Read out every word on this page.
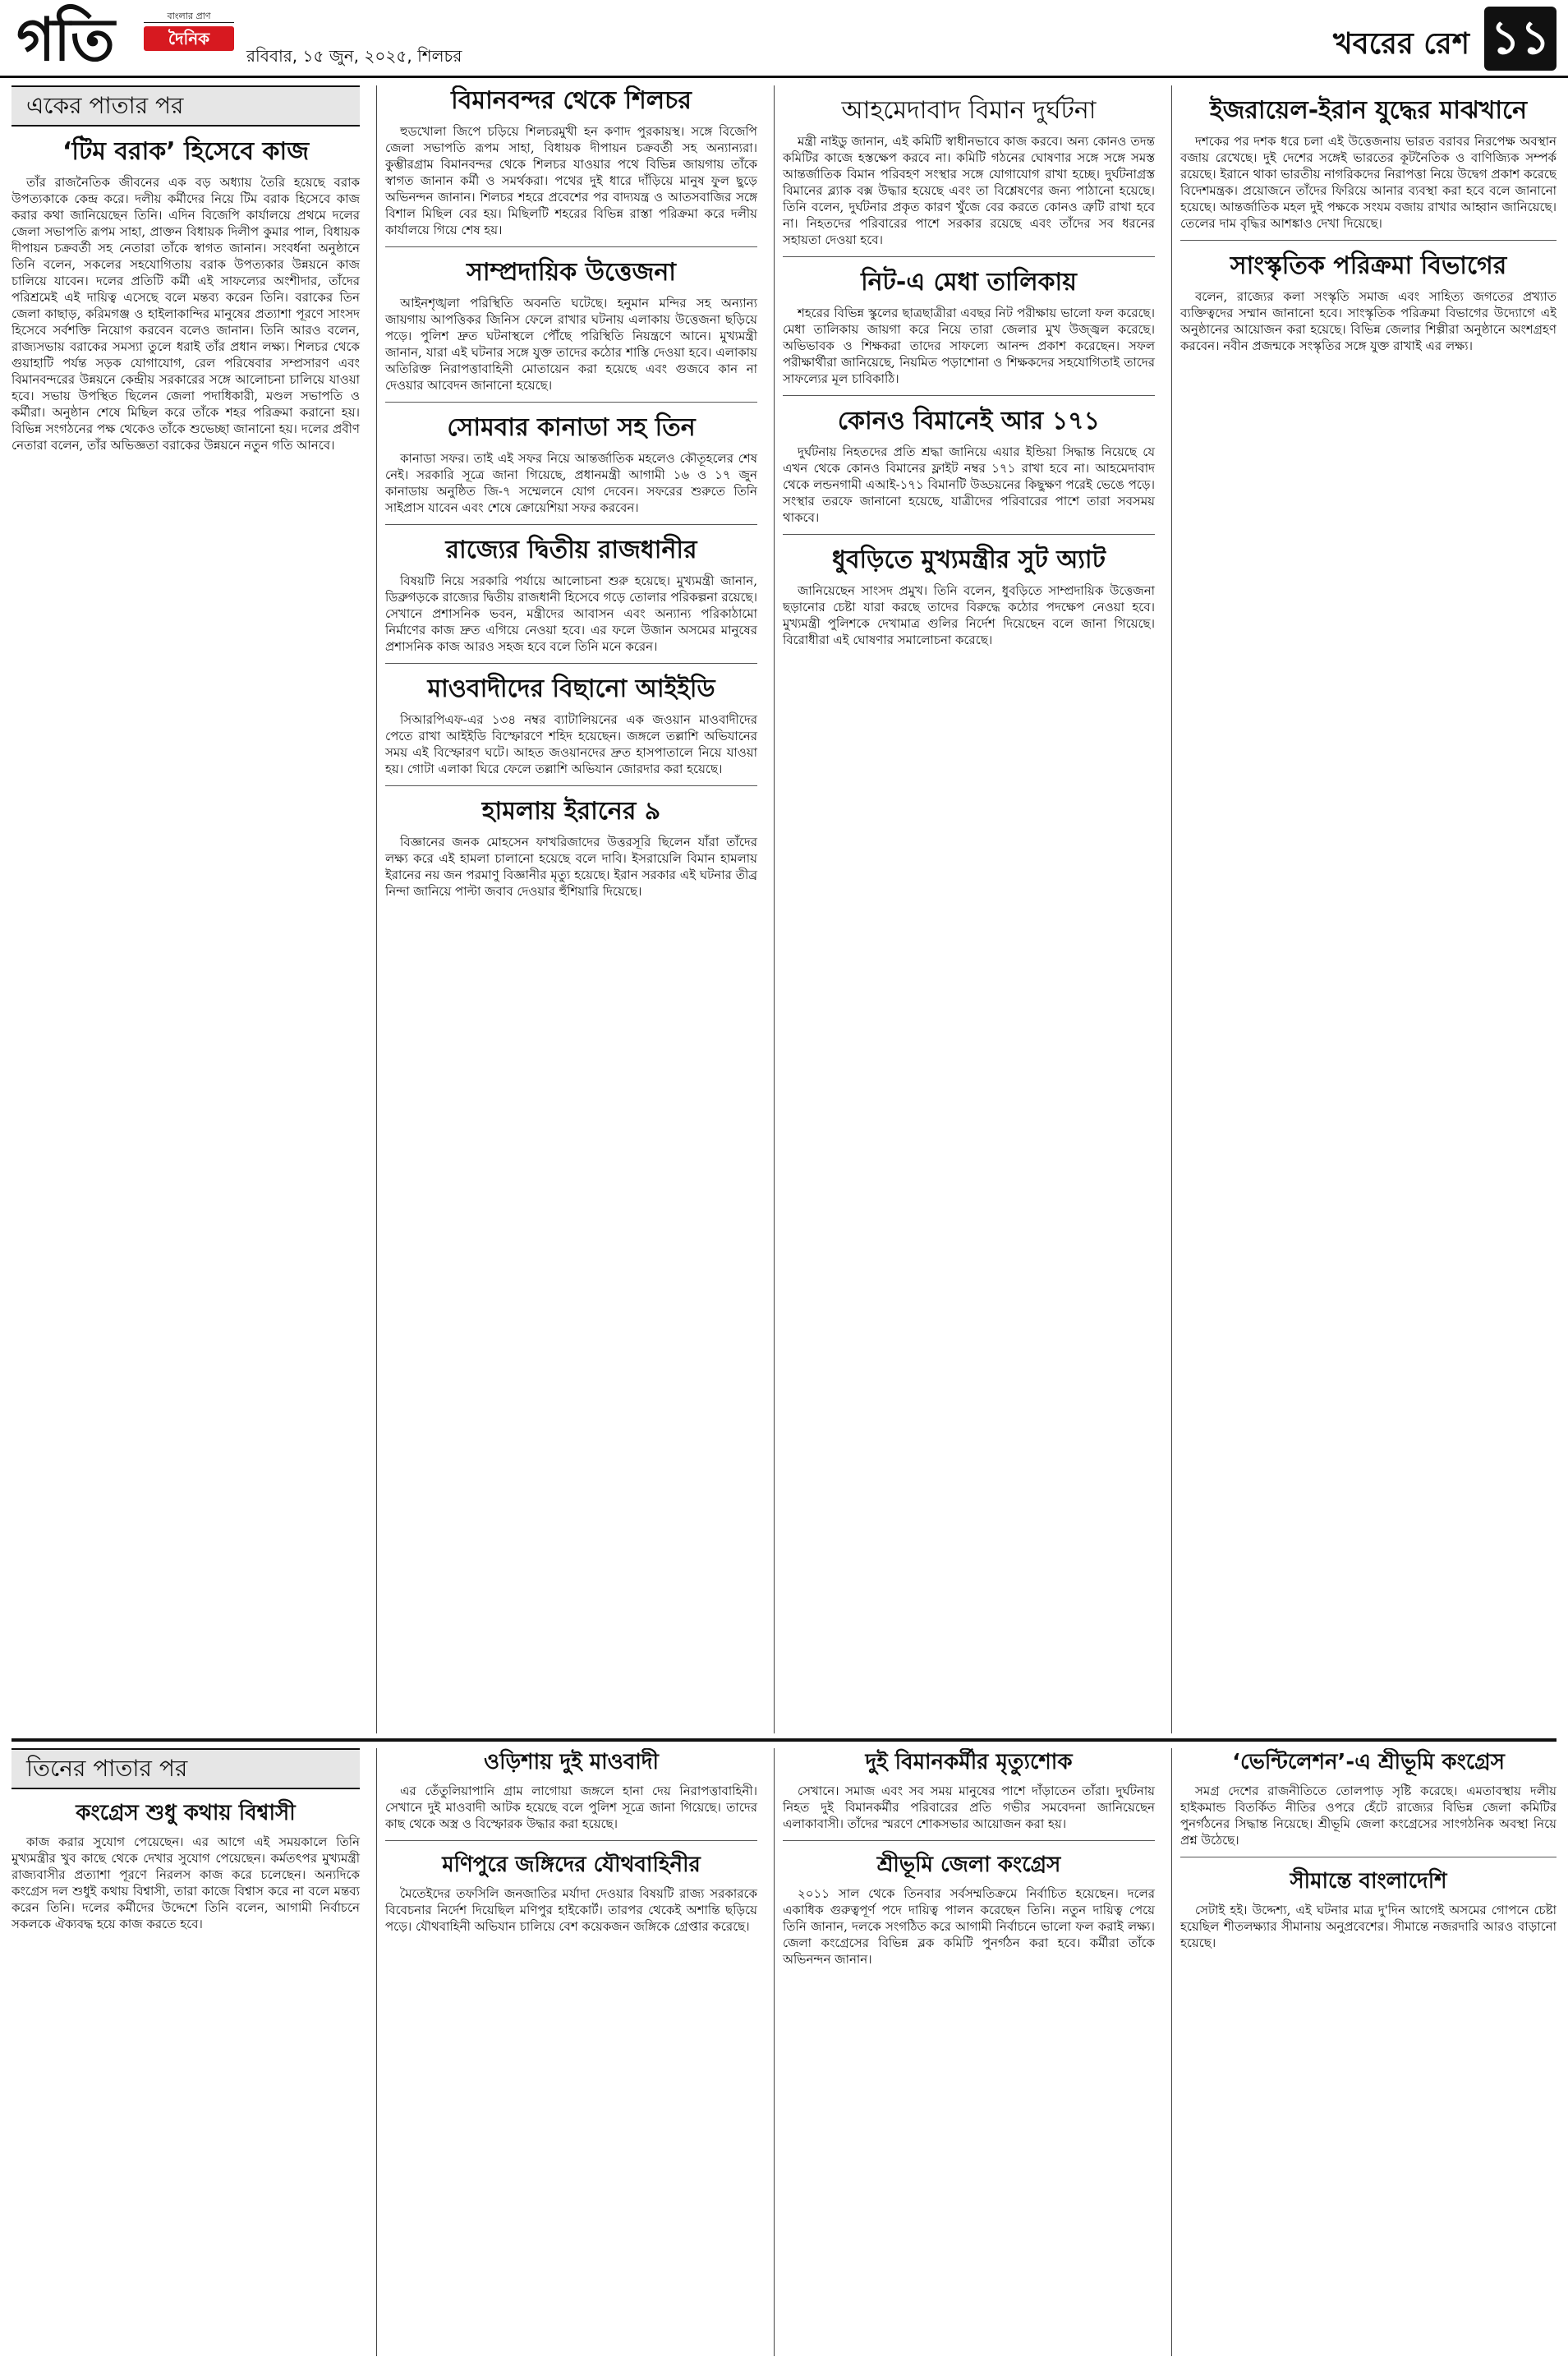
গতি	বাংলার প্রাণ
দৈনিক
রবিবার, ১৫ জুন, ২০২৫, শিলচর	খবরের রেশ ১১
একের পাতার পর
‘টিম বরাক’ হিসেবে কাজ
তাঁর রাজনৈতিক জীবনের এক বড় অধ্যায় তৈরি হয়েছে বরাক উপত্যকাকে কেন্দ্র করে। দলীয় কর্মীদের নিয়ে টিম বরাক হিসেবে কাজ করার কথা জানিয়েছেন তিনি। এদিন বিজেপি কার্যালয়ে প্রথমে দলের জেলা সভাপতি রূপম সাহা, প্রাক্তন বিধায়ক দিলীপ কুমার পাল, বিধায়ক দীপায়ন চক্রবর্তী সহ নেতারা তাঁকে স্বাগত জানান। সংবর্ধনা অনুষ্ঠানে তিনি বলেন, সকলের সহযোগিতায় বরাক উপত্যকার উন্নয়নে কাজ চালিয়ে যাবেন। দলের প্রতিটি কর্মী এই সাফল্যের অংশীদার, তাঁদের পরিশ্রমেই এই দায়িত্ব এসেছে বলে মন্তব্য করেন তিনি। বরাকের তিন জেলা কাছাড়, করিমগঞ্জ ও হাইলাকান্দির মানুষের প্রত্যাশা পূরণে সাংসদ হিসেবে সর্বশক্তি নিয়োগ করবেন বলেও জানান। তিনি আরও বলেন, রাজ্যসভায় বরাকের সমস্যা তুলে ধরাই তাঁর প্রধান লক্ষ্য। শিলচর থেকে গুয়াহাটি পর্যন্ত সড়ক যোগাযোগ, রেল পরিষেবার সম্প্রসারণ এবং বিমানবন্দরের উন্নয়নে কেন্দ্রীয় সরকারের সঙ্গে আলোচনা চালিয়ে যাওয়া হবে। সভায় উপস্থিত ছিলেন জেলা পদাধিকারী, মণ্ডল সভাপতি ও কর্মীরা। অনুষ্ঠান শেষে মিছিল করে তাঁকে শহর পরিক্রমা করানো হয়। বিভিন্ন সংগঠনের পক্ষ থেকেও তাঁকে শুভেচ্ছা জানানো হয়। দলের প্রবীণ নেতারা বলেন, তাঁর অভিজ্ঞতা বরাকের উন্নয়নে নতুন গতি আনবে।
বিমানবন্দর থেকে শিলচর
হুডখোলা জিপে চড়িয়ে শিলচরমুখী হন কণাদ পুরকায়স্থ। সঙ্গে বিজেপি জেলা সভাপতি রূপম সাহা, বিধায়ক দীপায়ন চক্রবর্তী সহ অন্যান্যরা। কুম্ভীরগ্রাম বিমানবন্দর থেকে শিলচর যাওয়ার পথে বিভিন্ন জায়গায় তাঁকে স্বাগত জানান কর্মী ও সমর্থকরা। পথের দুই ধারে দাঁড়িয়ে মানুষ ফুল ছুড়ে অভিনন্দন জানান। শিলচর শহরে প্রবেশের পর বাদ্যযন্ত্র ও আতসবাজির সঙ্গে বিশাল মিছিল বের হয়। মিছিলটি শহরের বিভিন্ন রাস্তা পরিক্রমা করে দলীয় কার্যালয়ে গিয়ে শেষ হয়।
সাম্প্রদায়িক উত্তেজনা
আইনশৃঙ্খলা পরিস্থিতি অবনতি ঘটেছে। হনুমান মন্দির সহ অন্যান্য জায়গায় আপত্তিকর জিনিস ফেলে রাখার ঘটনায় এলাকায় উত্তেজনা ছড়িয়ে পড়ে। পুলিশ দ্রুত ঘটনাস্থলে পৌঁছে পরিস্থিতি নিয়ন্ত্রণে আনে। মুখ্যমন্ত্রী জানান, যারা এই ঘটনার সঙ্গে যুক্ত তাদের কঠোর শাস্তি দেওয়া হবে। এলাকায় অতিরিক্ত নিরাপত্তাবাহিনী মোতায়েন করা হয়েছে এবং গুজবে কান না দেওয়ার আবেদন জানানো হয়েছে।
সোমবার কানাডা সহ তিন
কানাডা সফর। তাই এই সফর নিয়ে আন্তর্জাতিক মহলেও কৌতূহলের শেষ নেই। সরকারি সূত্রে জানা গিয়েছে, প্রধানমন্ত্রী আগামী ১৬ ও ১৭ জুন কানাডায় অনুষ্ঠিত জি-৭ সম্মেলনে যোগ দেবেন। সফরের শুরুতে তিনি সাইপ্রাস যাবেন এবং শেষে ক্রোয়েশিয়া সফর করবেন।
রাজ্যের দ্বিতীয় রাজধানীর
বিষয়টি নিয়ে সরকারি পর্যায়ে আলোচনা শুরু হয়েছে। মুখ্যমন্ত্রী জানান, ডিব্রুগড়কে রাজ্যের দ্বিতীয় রাজধানী হিসেবে গড়ে তোলার পরিকল্পনা রয়েছে। সেখানে প্রশাসনিক ভবন, মন্ত্রীদের আবাসন এবং অন্যান্য পরিকাঠামো নির্মাণের কাজ দ্রুত এগিয়ে নেওয়া হবে। এর ফলে উজান অসমের মানুষের প্রশাসনিক কাজ আরও সহজ হবে বলে তিনি মনে করেন।
মাওবাদীদের বিছানো আইইডি
সিআরপিএফ-এর ১৩৪ নম্বর ব্যাটালিয়নের এক জওয়ান মাওবাদীদের পেতে রাখা আইইডি বিস্ফোরণে শহিদ হয়েছেন। জঙ্গলে তল্লাশি অভিযানের সময় এই বিস্ফোরণ ঘটে। আহত জওয়ানদের দ্রুত হাসপাতালে নিয়ে যাওয়া হয়। গোটা এলাকা ঘিরে ফেলে তল্লাশি অভিযান জোরদার করা হয়েছে।
হামলায় ইরানের ৯
বিজ্ঞানের জনক মোহসেন ফাখরিজাদের উত্তরসূরি ছিলেন যাঁরা তাঁদের লক্ষ্য করে এই হামলা চালানো হয়েছে বলে দাবি। ইসরায়েলি বিমান হামলায় ইরানের নয় জন পরমাণু বিজ্ঞানীর মৃত্যু হয়েছে। ইরান সরকার এই ঘটনার তীব্র নিন্দা জানিয়ে পাল্টা জবাব দেওয়ার হুঁশিয়ারি দিয়েছে।
আহমেদাবাদ বিমান দুর্ঘটনা
মন্ত্রী নাইডু জানান, এই কমিটি স্বাধীনভাবে কাজ করবে। অন্য কোনও তদন্ত কমিটির কাজে হস্তক্ষেপ করবে না। কমিটি গঠনের ঘোষণার সঙ্গে সঙ্গে সমস্ত আন্তর্জাতিক বিমান পরিবহণ সংস্থার সঙ্গে যোগাযোগ রাখা হচ্ছে। দুর্ঘটনাগ্রস্ত বিমানের ব্ল্যাক বক্স উদ্ধার হয়েছে এবং তা বিশ্লেষণের জন্য পাঠানো হয়েছে। তিনি বলেন, দুর্ঘটনার প্রকৃত কারণ খুঁজে বের করতে কোনও ত্রুটি রাখা হবে না। নিহতদের পরিবারের পাশে সরকার রয়েছে এবং তাঁদের সব ধরনের সহায়তা দেওয়া হবে।
নিট-এ মেধা তালিকায়
শহরের বিভিন্ন স্কুলের ছাত্রছাত্রীরা এবছর নিট পরীক্ষায় ভালো ফল করেছে। মেধা তালিকায় জায়গা করে নিয়ে তারা জেলার মুখ উজ্জ্বল করেছে। অভিভাবক ও শিক্ষকরা তাদের সাফল্যে আনন্দ প্রকাশ করেছেন। সফল পরীক্ষার্থীরা জানিয়েছে, নিয়মিত পড়াশোনা ও শিক্ষকদের সহযোগিতাই তাদের সাফল্যের মূল চাবিকাঠি।
কোনও বিমানেই আর ১৭১
দুর্ঘটনায় নিহতদের প্রতি শ্রদ্ধা জানিয়ে এয়ার ইন্ডিয়া সিদ্ধান্ত নিয়েছে যে এখন থেকে কোনও বিমানের ফ্লাইট নম্বর ১৭১ রাখা হবে না। আহমেদাবাদ থেকে লন্ডনগামী এআই-১৭১ বিমানটি উড্ডয়নের কিছুক্ষণ পরেই ভেঙে পড়ে। সংস্থার তরফে জানানো হয়েছে, যাত্রীদের পরিবারের পাশে তারা সবসময় থাকবে।
ধুবড়িতে মুখ্যমন্ত্রীর সুট অ্যাট
জানিয়েছেন সাংসদ প্রমুখ। তিনি বলেন, ধুবড়িতে সাম্প্রদায়িক উত্তেজনা ছড়ানোর চেষ্টা যারা করছে তাদের বিরুদ্ধে কঠোর পদক্ষেপ নেওয়া হবে। মুখ্যমন্ত্রী পুলিশকে দেখামাত্র গুলির নির্দেশ দিয়েছেন বলে জানা গিয়েছে। বিরোধীরা এই ঘোষণার সমালোচনা করেছে।
ইজরায়েল-ইরান যুদ্ধের মাঝখানে
দশকের পর দশক ধরে চলা এই উত্তেজনায় ভারত বরাবর নিরপেক্ষ অবস্থান বজায় রেখেছে। দুই দেশের সঙ্গেই ভারতের কূটনৈতিক ও বাণিজ্যিক সম্পর্ক রয়েছে। ইরানে থাকা ভারতীয় নাগরিকদের নিরাপত্তা নিয়ে উদ্বেগ প্রকাশ করেছে বিদেশমন্ত্রক। প্রয়োজনে তাঁদের ফিরিয়ে আনার ব্যবস্থা করা হবে বলে জানানো হয়েছে। আন্তর্জাতিক মহল দুই পক্ষকে সংযম বজায় রাখার আহ্বান জানিয়েছে। তেলের দাম বৃদ্ধির আশঙ্কাও দেখা দিয়েছে।
সাংস্কৃতিক পরিক্রমা বিভাগের
বলেন, রাজ্যের কলা সংস্কৃতি সমাজ এবং সাহিত্য জগতের প্রখ্যাত ব্যক্তিত্বদের সম্মান জানানো হবে। সাংস্কৃতিক পরিক্রমা বিভাগের উদ্যোগে এই অনুষ্ঠানের আয়োজন করা হয়েছে। বিভিন্ন জেলার শিল্পীরা অনুষ্ঠানে অংশগ্রহণ করবেন। নবীন প্রজন্মকে সংস্কৃতির সঙ্গে যুক্ত রাখাই এর লক্ষ্য।
তিনের পাতার পর
কংগ্রেস শুধু কথায় বিশ্বাসী
কাজ করার সুযোগ পেয়েছেন। এর আগে এই সময়কালে তিনি মুখ্যমন্ত্রীর খুব কাছে থেকে দেখার সুযোগ পেয়েছেন। কর্মতৎপর মুখ্যমন্ত্রী রাজ্যবাসীর প্রত্যাশা পূরণে নিরলস কাজ করে চলেছেন। অন্যদিকে কংগ্রেস দল শুধুই কথায় বিশ্বাসী, তারা কাজে বিশ্বাস করে না বলে মন্তব্য করেন তিনি। দলের কর্মীদের উদ্দেশে তিনি বলেন, আগামী নির্বাচনে সকলকে ঐক্যবদ্ধ হয়ে কাজ করতে হবে।
ওড়িশায় দুই মাওবাদী
এর তেঁতুলিয়াপানি গ্রাম লাগোয়া জঙ্গলে হানা দেয় নিরাপত্তাবাহিনী। সেখানে দুই মাওবাদী আটক হয়েছে বলে পুলিশ সূত্রে জানা গিয়েছে। তাদের কাছ থেকে অস্ত্র ও বিস্ফোরক উদ্ধার করা হয়েছে।
মণিপুরে জঙ্গিদের যৌথবাহিনীর
মৈতেইদের তফসিলি জনজাতির মর্যাদা দেওয়ার বিষয়টি রাজ্য সরকারকে বিবেচনার নির্দেশ দিয়েছিল মণিপুর হাইকোর্ট। তারপর থেকেই অশান্তি ছড়িয়ে পড়ে। যৌথবাহিনী অভিযান চালিয়ে বেশ কয়েকজন জঙ্গিকে গ্রেপ্তার করেছে।
দুই বিমানকর্মীর মৃত্যুশোক
সেখানে। সমাজ এবং সব সময় মানুষের পাশে দাঁড়াতেন তাঁরা। দুর্ঘটনায় নিহত দুই বিমানকর্মীর পরিবারের প্রতি গভীর সমবেদনা জানিয়েছেন এলাকাবাসী। তাঁদের স্মরণে শোকসভার আয়োজন করা হয়।
শ্রীভূমি জেলা কংগ্রেস
২০১১ সাল থেকে তিনবার সর্বসম্মতিক্রমে নির্বাচিত হয়েছেন। দলের একাধিক গুরুত্বপূর্ণ পদে দায়িত্ব পালন করেছেন তিনি। নতুন দায়িত্ব পেয়ে তিনি জানান, দলকে সংগঠিত করে আগামী নির্বাচনে ভালো ফল করাই লক্ষ্য। জেলা কংগ্রেসের বিভিন্ন ব্লক কমিটি পুনর্গঠন করা হবে। কর্মীরা তাঁকে অভিনন্দন জানান।
‘ভেন্টিলেশন’-এ শ্রীভূমি কংগ্রেস
সমগ্র দেশের রাজনীতিতে তোলপাড় সৃষ্টি করেছে। এমতাবস্থায় দলীয় হাইকমান্ড বিতর্কিত নীতির ওপরে হেঁটে রাজ্যের বিভিন্ন জেলা কমিটির পুনর্গঠনের সিদ্ধান্ত নিয়েছে। শ্রীভূমি জেলা কংগ্রেসের সাংগঠনিক অবস্থা নিয়ে প্রশ্ন উঠেছে।
সীমান্তে বাংলাদেশি
সেটাই হই। উদ্দেশ্য, এই ঘটনার মাত্র দু'দিন আগেই অসমের গোপনে চেষ্টা হয়েছিল শীতলক্ষ্যার সীমানায় অনুপ্রবেশের। সীমান্তে নজরদারি আরও বাড়ানো হয়েছে।
